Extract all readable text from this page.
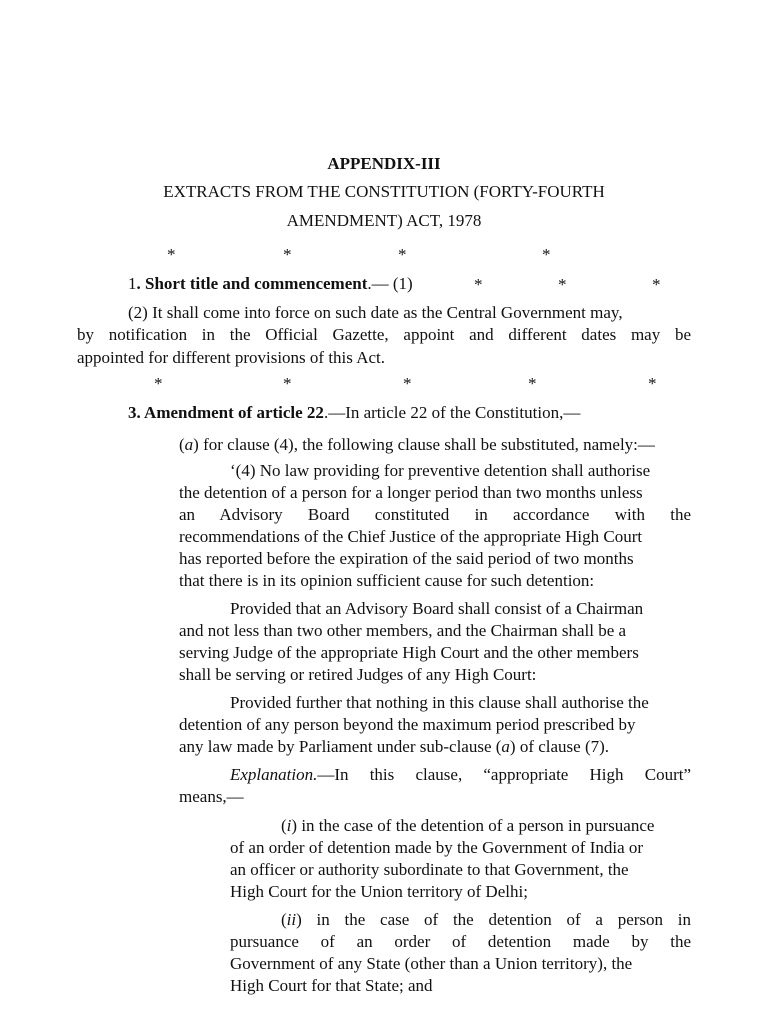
APPENDIX-III
EXTRACTS FROM THE CONSTITUTION (FORTY-FOURTH
AMENDMENT) ACT, 1978
*	*	*	*
1. Short title and commencement.— (1)	*	*	*
(2) It shall come into force on such date as the Central Government may,
by notification in the Official Gazette, appoint and different dates may be
appointed for different provisions of this Act.
*	*	*	*	*
3. Amendment of article 22.—In article 22 of the Constitution,—
(a) for clause (4), the following clause shall be substituted, namely:—
‘(4) No law providing for preventive detention shall authorise
the detention of a person for a longer period than two months unless
an Advisory Board constituted in accordance with the
recommendations of the Chief Justice of the appropriate High Court
has reported before the expiration of the said period of two months
that there is in its opinion sufficient cause for such detention:
Provided that an Advisory Board shall consist of a Chairman
and not less than two other members, and the Chairman shall be a
serving Judge of the appropriate High Court and the other members
shall be serving or retired Judges of any High Court:
Provided further that nothing in this clause shall authorise the
detention of any person beyond the maximum period prescribed by
any law made by Parliament under sub-clause (a) of clause (7).
Explanation.—In this clause, “appropriate High Court”
means,—
(i) in the case of the detention of a person in pursuance
of an order of detention made by the Government of India or
an officer or authority subordinate to that Government, the
High Court for the Union territory of Delhi;
(ii) in the case of the detention of a person in
pursuance of an order of detention made by the
Government of any State (other than a Union territory), the
High Court for that State; and
